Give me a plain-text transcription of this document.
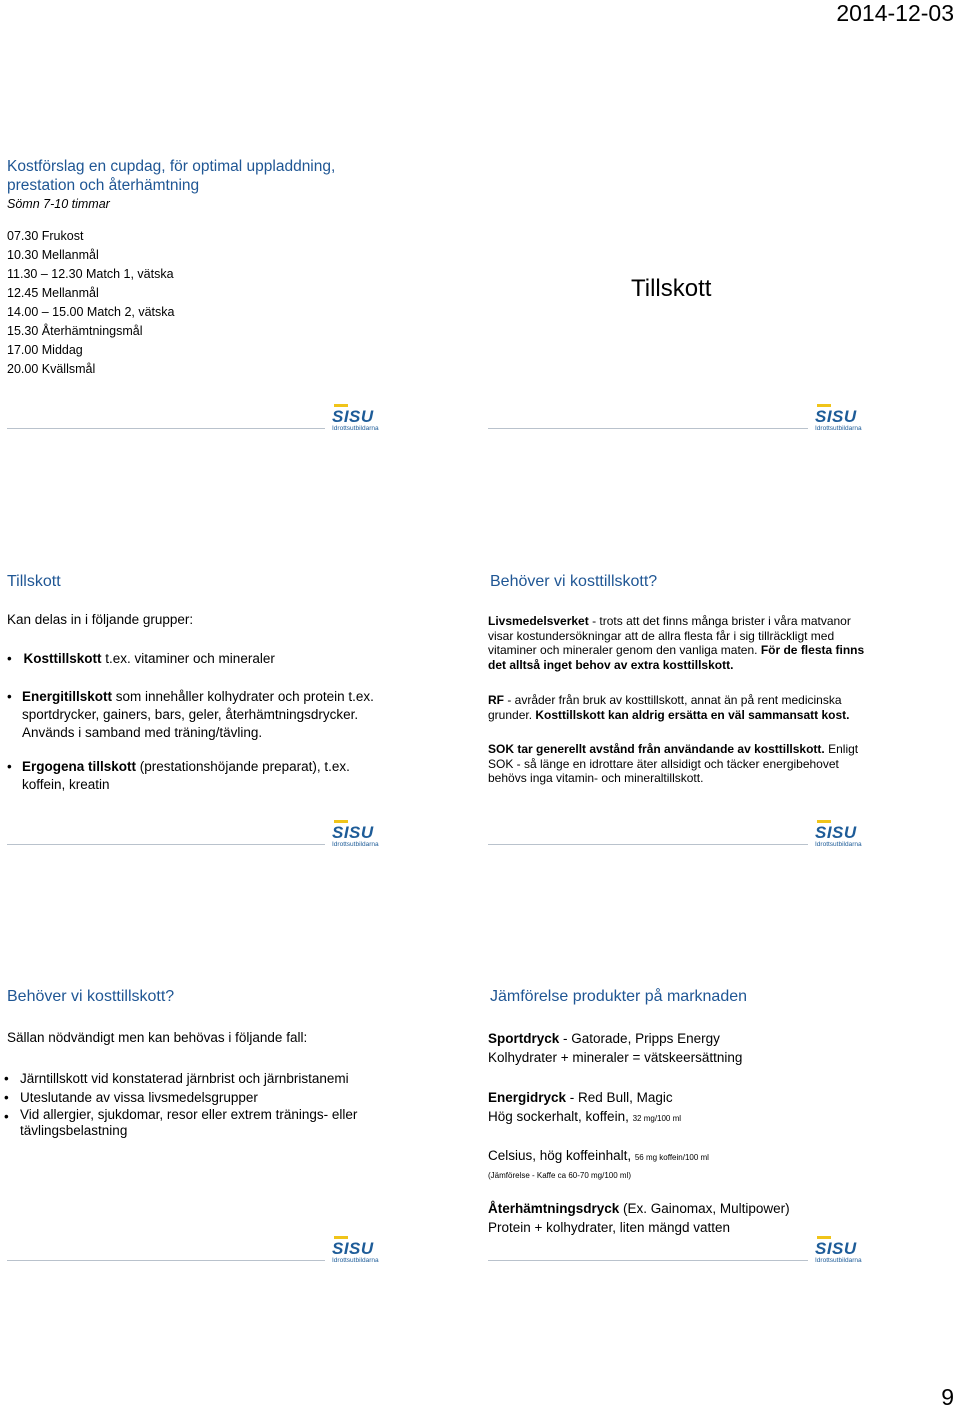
2014-12-03
Kostförslag en cupdag, för optimal uppladdning,
prestation och återhämtning
Sömn 7-10 timmar
07.30 Frukost
10.30 Mellanmål
11.30 – 12.30 Match 1, vätska
12.45 Mellanmål
14.00 – 15.00 Match 2, vätska
15.30 Återhämtningsmål
17.00 Middag
20.00 Kvällsmål
Tillskott
Tillskott
Kan delas in i följande grupper:
• Kosttillskott t.ex. vitaminer och mineraler
• Energitillskott som innehåller kolhydrater och protein t.ex.
sportdrycker, gainers, bars, geler, återhämtningsdrycker.
Används i samband med träning/tävling.
• Ergogena tillskott (prestationshöjande preparat), t.ex.
koffein, kreatin
Behöver vi kosttillskott?
Livsmedelsverket - trots att det finns många brister i våra matvanor
visar kostundersökningar att de allra flesta får i sig tillräckligt med
vitaminer och mineraler genom den vanliga maten. För de flesta finns
det alltså inget behov av extra kosttillskott.
RF - avråder från bruk av kosttillskott, annat än på rent medicinska
grunder. Kosttillskott kan aldrig ersätta en väl sammansatt kost.
SOK tar generellt avstånd från användande av kosttillskott. Enligt
SOK - så länge en idrottare äter allsidigt och täcker energibehovet
behövs inga vitamin- och mineraltillskott.
Behöver vi kosttillskott?
Sällan nödvändigt men kan behövas i följande fall:
• Järntillskott vid konstaterad järnbrist och järnbristanemi
• Uteslutande av vissa livsmedelsgrupper
• Vid allergier, sjukdomar, resor eller extrem tränings- eller
tävlingsbelastning
Jämförelse produkter på marknaden
Sportdryck - Gatorade, Pripps Energy
Kolhydrater + mineraler = vätskeersättning
Energidryck - Red Bull, Magic
Hög sockerhalt, koffein, 32 mg/100 ml
Celsius, hög koffeinhalt, 56 mg koffein/100 ml
(Jämförelse - Kaffe ca 60-70 mg/100 ml)
Återhämtningsdryck (Ex. Gainomax, Multipower)
Protein + kolhydrater, liten mängd vatten
SISU
Idrottsutbildarna
SISU
Idrottsutbildarna
SISU
Idrottsutbildarna
SISU
Idrottsutbildarna
SISU
Idrottsutbildarna
SISU
Idrottsutbildarna
9
